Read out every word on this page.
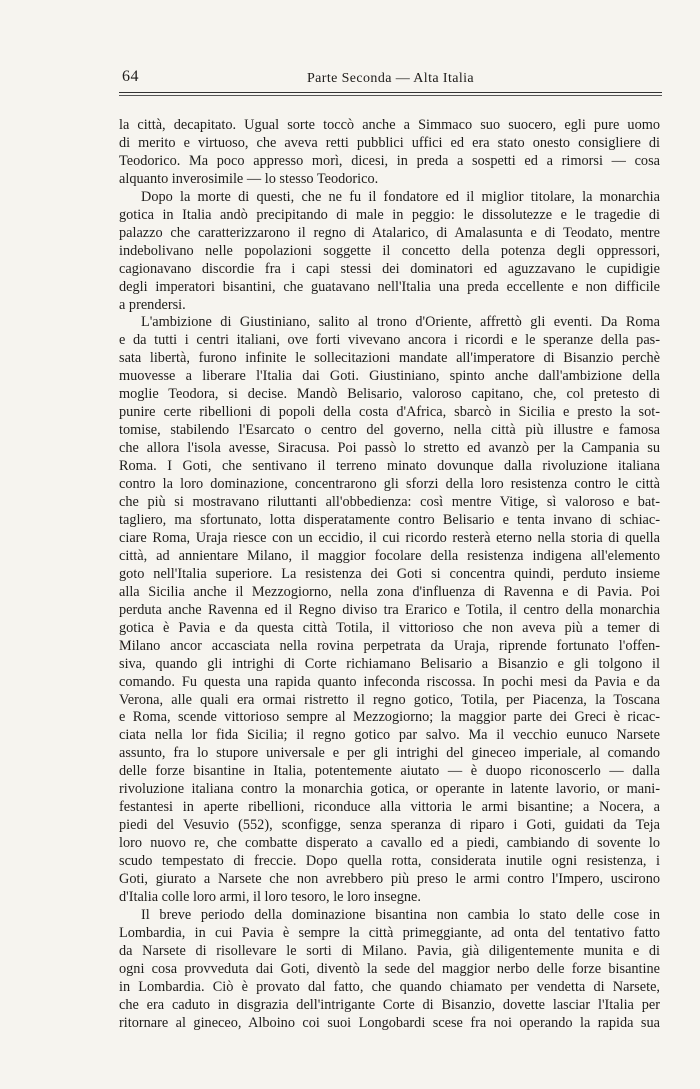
64	Parte Seconda — Alta Italia

la città, decapitato. Ugual sorte toccò anche a Simmaco suo suocero, egli pure uomo

di merito e virtuoso, che aveva retti pubblici uffici ed era stato onesto consigliere di

Teodorico. Ma poco appresso morì, dicesi, in preda a sospetti ed a rimorsi — cosa

alquanto inverosimile — lo stesso Teodorico.

Dopo la morte di questi, che ne fu il fondatore ed il miglior titolare, la monarchia

gotica in Italia andò precipitando di male in peggio: le dissolutezze e le tragedie di

palazzo che caratterizzarono il regno di Atalarico, di Amalasunta e di Teodato, mentre

indebolivano nelle popolazioni soggette il concetto della potenza degli oppressori,

cagionavano discordie fra i capi stessi dei dominatori ed aguzzavano le cupidigie

degli imperatori bisantini, che guatavano nell'Italia una preda eccellente e non difficile

a prendersi.

L'ambizione di Giustiniano, salito al trono d'Oriente, affrettò gli eventi. Da Roma

e da tutti i centri italiani, ove forti vivevano ancora i ricordi e le speranze della pas-

sata libertà, furono infinite le sollecitazioni mandate all'imperatore di Bisanzio perchè

muovesse a liberare l'Italia dai Goti. Giustiniano, spinto anche dall'ambizione della

moglie Teodora, si decise. Mandò Belisario, valoroso capitano, che, col pretesto di

punire certe ribellioni di popoli della costa d'Africa, sbarcò in Sicilia e presto la sot-

tomise, stabilendo l'Esarcato o centro del governo, nella città più illustre e famosa

che allora l'isola avesse, Siracusa. Poi passò lo stretto ed avanzò per la Campania su

Roma. I Goti, che sentivano il terreno minato dovunque dalla rivoluzione italiana

contro la loro dominazione, concentrarono gli sforzi della loro resistenza contro le città

che più si mostravano riluttanti all'obbedienza: così mentre Vitige, sì valoroso e bat-

tagliero, ma sfortunato, lotta disperatamente contro Belisario e tenta invano di schiac-

ciare Roma, Uraja riesce con un eccidio, il cui ricordo resterà eterno nella storia di quella

città, ad annientare Milano, il maggior focolare della resistenza indigena all'elemento

goto nell'Italia superiore. La resistenza dei Goti si concentra quindi, perduto insieme

alla Sicilia anche il Mezzogiorno, nella zona d'influenza di Ravenna e di Pavia. Poi

perduta anche Ravenna ed il Regno diviso tra Erarico e Totila, il centro della monarchia

gotica è Pavia e da questa città Totila, il vittorioso che non aveva più a temer di

Milano ancor accasciata nella rovina perpetrata da Uraja, riprende fortunato l'offen-

siva, quando gli intrighi di Corte richiamano Belisario a Bisanzio e gli tolgono il

comando. Fu questa una rapida quanto infeconda riscossa. In pochi mesi da Pavia e da

Verona, alle quali era ormai ristretto il regno gotico, Totila, per Piacenza, la Toscana

e Roma, scende vittorioso sempre al Mezzogiorno; la maggior parte dei Greci è ricac-

ciata nella lor fida Sicilia; il regno gotico par salvo. Ma il vecchio eunuco Narsete

assunto, fra lo stupore universale e per gli intrighi del gineceo imperiale, al comando

delle forze bisantine in Italia, potentemente aiutato — è duopo riconoscerlo — dalla

rivoluzione italiana contro la monarchia gotica, or operante in latente lavorio, or mani-

festantesi in aperte ribellioni, riconduce alla vittoria le armi bisantine; a Nocera, a

piedi del Vesuvio (552), sconfigge, senza speranza di riparo i Goti, guidati da Teja

loro nuovo re, che combatte disperato a cavallo ed a piedi, cambiando di sovente lo

scudo tempestato di freccie. Dopo quella rotta, considerata inutile ogni resistenza, i

Goti, giurato a Narsete che non avrebbero più preso le armi contro l'Impero, uscirono

d'Italia colle loro armi, il loro tesoro, le loro insegne.

Il breve periodo della dominazione bisantina non cambia lo stato delle cose in

Lombardia, in cui Pavia è sempre la città primeggiante, ad onta del tentativo fatto

da Narsete di risollevare le sorti di Milano. Pavia, già diligentemente munita e di

ogni cosa provveduta dai Goti, diventò la sede del maggior nerbo delle forze bisantine

in Lombardia. Ciò è provato dal fatto, che quando chiamato per vendetta di Narsete,

che era caduto in disgrazia dell'intrigante Corte di Bisanzio, dovette lasciar l'Italia per

ritornare al gineceo, Alboino coi suoi Longobardi scese fra noi operando la rapida sua
